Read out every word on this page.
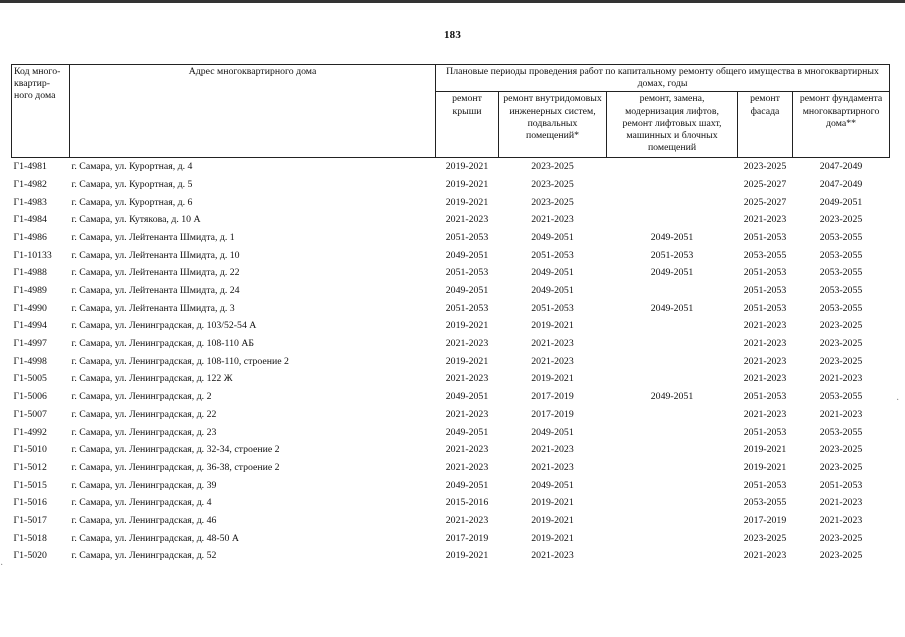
183
Код много-квартир-ного дома	Адрес многоквартирного дома	Плановые периоды проведения работ по капитальному ремонту общего имущества в многоквартирных домах, годы				
		ремонт крыши	ремонт внутридомовых инженерных систем, подвальных помещений*	ремонт, замена, модернизация лифтов, ремонт лифтовых шахт, машинных и блочных помещений	ремонт фасада	ремонт фундамента многоквартирного дома**
Г1-4981	г. Самара, ул. Курортная, д. 4	2019-2021	2023-2025		2023-2025	2047-2049
Г1-4982	г. Самара, ул. Курортная, д. 5	2019-2021	2023-2025		2025-2027	2047-2049
Г1-4983	г. Самара, ул. Курортная, д. 6	2019-2021	2023-2025		2025-2027	2049-2051
Г1-4984	г. Самара, ул. Кутякова, д. 10 А	2021-2023	2021-2023		2021-2023	2023-2025
Г1-4986	г. Самара, ул. Лейтенанта Шмидта, д. 1	2051-2053	2049-2051	2049-2051	2051-2053	2053-2055
Г1-10133	г. Самара, ул. Лейтенанта Шмидта, д. 10	2049-2051	2051-2053	2051-2053	2053-2055	2053-2055
Г1-4988	г. Самара, ул. Лейтенанта Шмидта, д. 22	2051-2053	2049-2051	2049-2051	2051-2053	2053-2055
Г1-4989	г. Самара, ул. Лейтенанта Шмидта, д. 24	2049-2051	2049-2051		2051-2053	2053-2055
Г1-4990	г. Самара, ул. Лейтенанта Шмидта, д. 3	2051-2053	2051-2053	2049-2051	2051-2053	2053-2055
Г1-4994	г. Самара, ул. Ленинградская, д. 103/52-54 А	2019-2021	2019-2021		2021-2023	2023-2025
Г1-4997	г. Самара, ул. Ленинградская, д. 108-110 АБ	2021-2023	2021-2023		2021-2023	2023-2025
Г1-4998	г. Самара, ул. Ленинградская, д. 108-110, строение 2	2019-2021	2021-2023		2021-2023	2023-2025
Г1-5005	г. Самара, ул. Ленинградская, д. 122 Ж	2021-2023	2019-2021		2021-2023	2021-2023
Г1-5006	г. Самара, ул. Ленинградская, д. 2	2049-2051	2017-2019	2049-2051	2051-2053	2053-2055
Г1-5007	г. Самара, ул. Ленинградская, д. 22	2021-2023	2017-2019		2021-2023	2021-2023
Г1-4992	г. Самара, ул. Ленинградская, д. 23	2049-2051	2049-2051		2051-2053	2053-2055
Г1-5010	г. Самара, ул. Ленинградская, д. 32-34, строение 2	2021-2023	2021-2023		2019-2021	2023-2025
Г1-5012	г. Самара, ул. Ленинградская, д. 36-38, строение 2	2021-2023	2021-2023		2019-2021	2023-2025
Г1-5015	г. Самара, ул. Ленинградская, д. 39	2049-2051	2049-2051		2051-2053	2051-2053
Г1-5016	г. Самара, ул. Ленинградская, д. 4	2015-2016	2019-2021		2053-2055	2021-2023
Г1-5017	г. Самара, ул. Ленинградская, д. 46	2021-2023	2019-2021		2017-2019	2021-2023
Г1-5018	г. Самара, ул. Ленинградская, д. 48-50 А	2017-2019	2019-2021		2023-2025	2023-2025
Г1-5020	г. Самара, ул. Ленинградская, д. 52	2019-2021	2021-2023		2021-2023	2023-2025
·
·
